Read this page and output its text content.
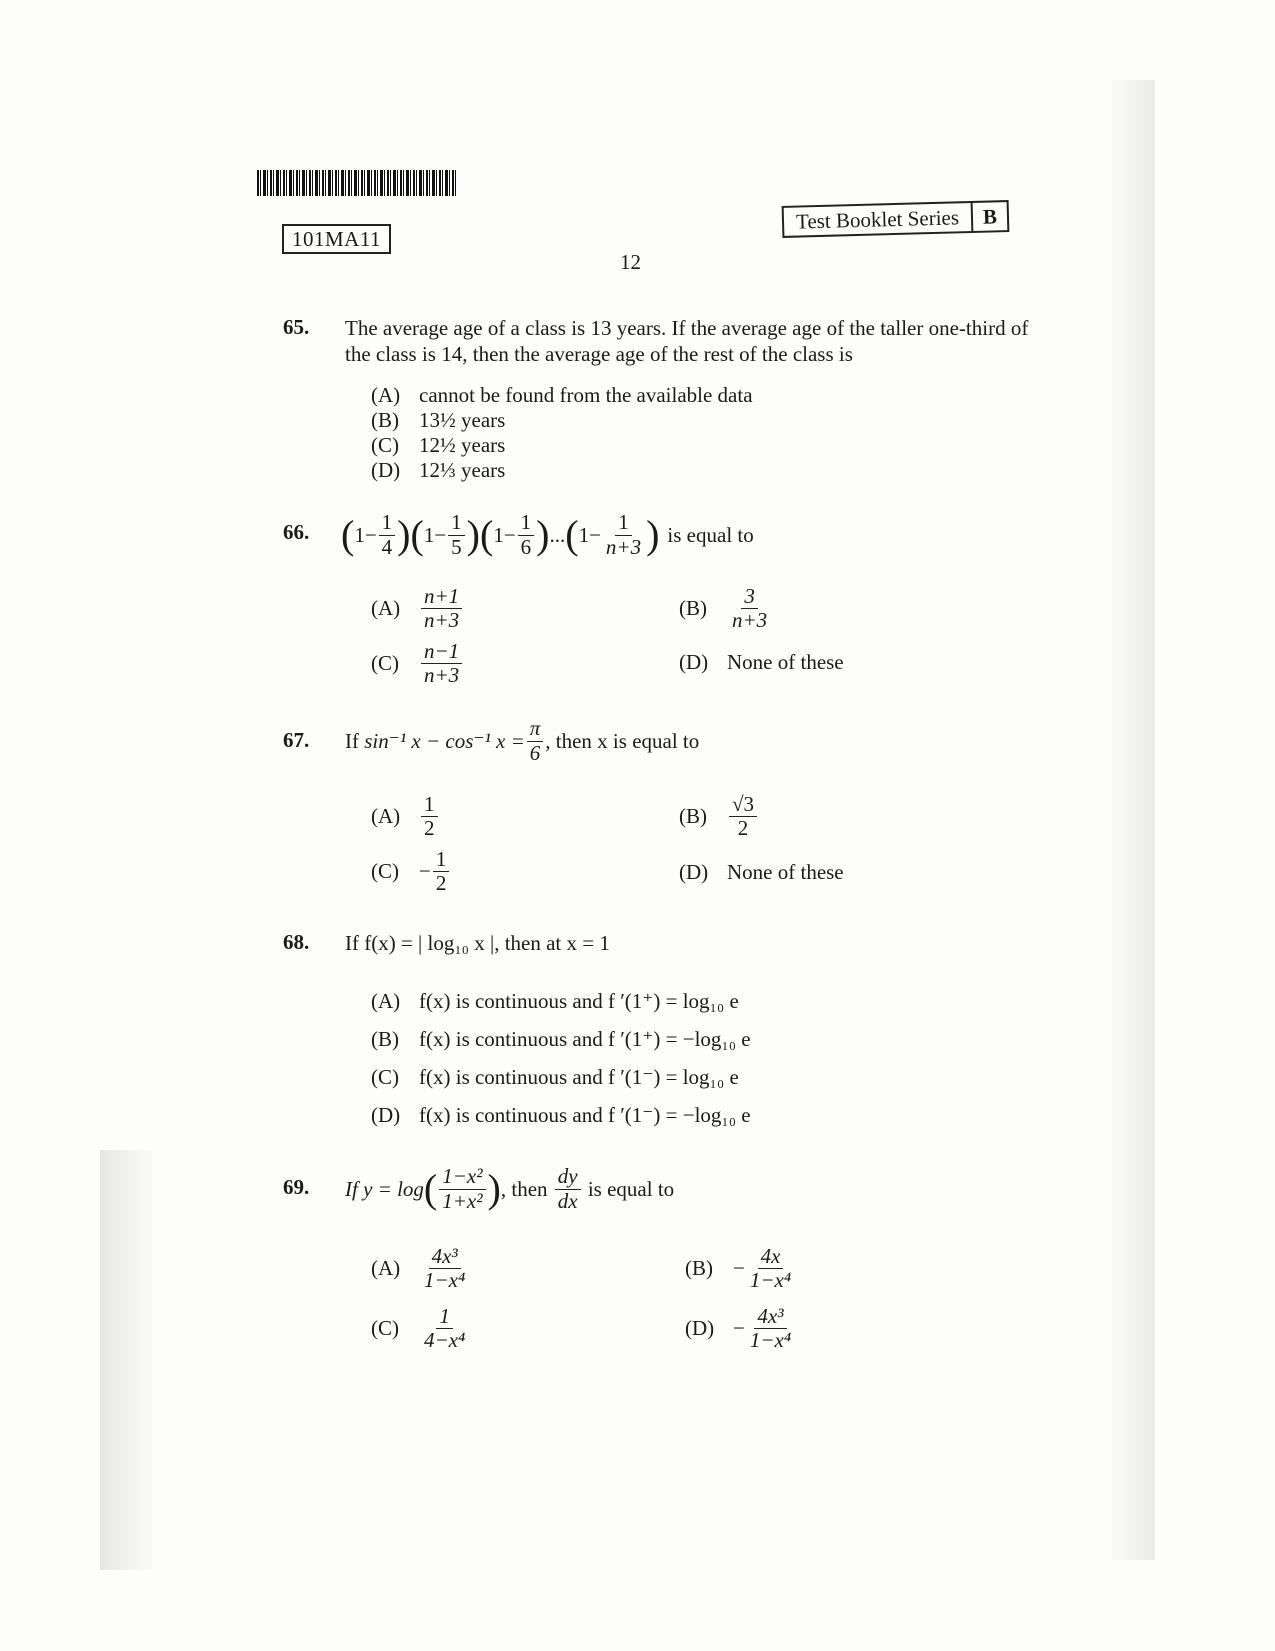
101MA11
Test Booklet Series	B
12
65. The average age of a class is 13 years. If the average age of the taller one-third of the class is 14, then the average age of the rest of the class is
(A) cannot be found from the available data
(B) 13½ years
(C) 12½ years
(D) 12⅓ years
66. ( $1 - \frac{1}{4}$ ) ( $1 - \frac{1}{5}$ ) ( $1 - \frac{1}{6}$ ) ... ( $1 - \frac{1}{n+3}$ ) is equal to
$(A) \frac{n+1}{n+3}$	(B)	$\frac{3}{n+3}$
(C)	$\frac{n-1}{n+3}$	(D) None of these
67. If
sin⁻¹ x − cos⁻¹ $x = \frac{\pi}{6}$ , then x is equal to
$(A) \frac{1}{2}$	(B)	$\frac{√3}{2}$
$(C) - \frac{1}{2}$	(D) None of these
68. If f(x) = | log₁₀ x |, then at x = 1
(A) f(x) is continuous and f ′(1⁺) = log₁₀ e
(B) f(x) is continuous and f ′(1⁺) = −log₁₀ e
(C) f(x) is continuous and f ′(1⁻) = log₁₀ e
(D) f(x) is continuous and f ′(1⁻) = −log₁₀ e
69. If y = log ( $\frac{\text{1−x²}}{\text{1+x²}}$ ) , then
$\frac{dy}{dx}$
is equal to
$(A) \frac{\text{4x³}}{\text{1−x⁴}}$	$(B) - \frac{4x}{\text{1−x⁴}}$
(C)	$\frac{1}{\text{4−x⁴}}$	$(D) - \frac{\text{4x³}}{\text{1−x⁴}}$
